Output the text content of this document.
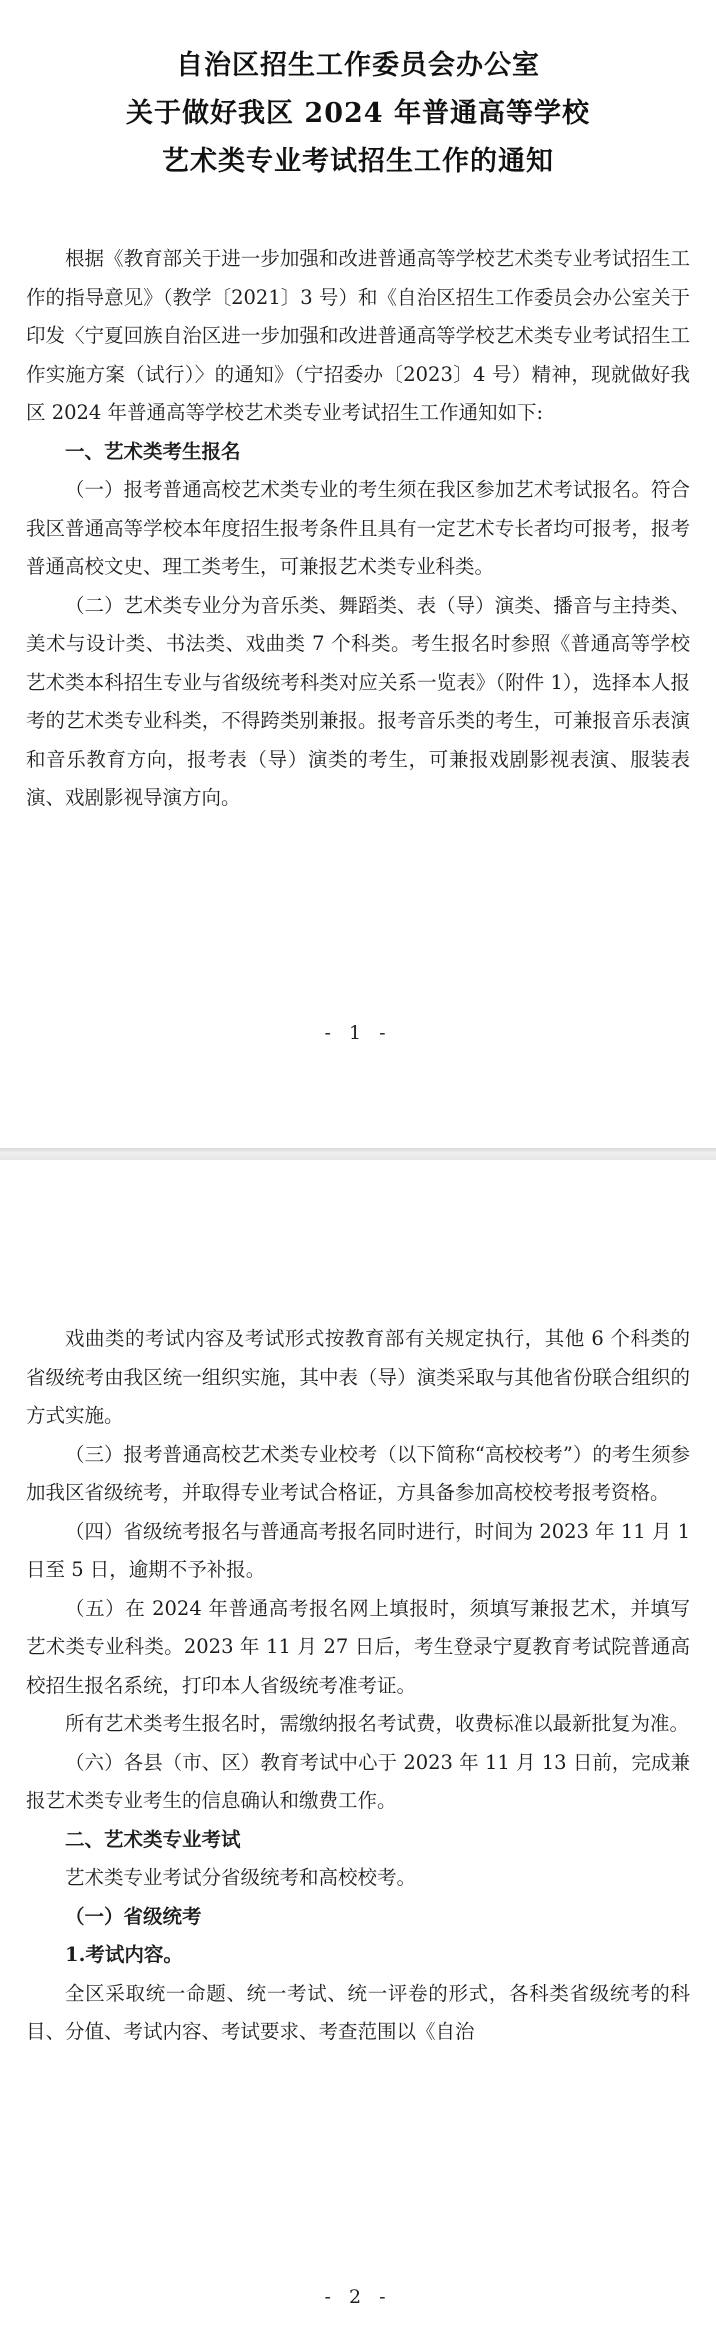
自治区招生工作委员会办公室
关于做好我区 2024 年普通高等学校
艺术类专业考试招生工作的通知

根据《教育部关于进一步加强和改进普通高等学校艺术类专业考试招生工作的指导意见》（教学〔2021〕3 号）和《自治区招生工作委员会办公室关于印发〈宁夏回族自治区进一步加强和改进普通高等学校艺术类专业考试招生工作实施方案（试行）〉的通知》（宁招委办〔2023〕4 号）精神，现就做好我区 2024 年普通高等学校艺术类专业考试招生工作通知如下:

一、艺术类考生报名

（一）报考普通高校艺术类专业的考生须在我区参加艺术考试报名。符合我区普通高等学校本年度招生报考条件且具有一定艺术专长者均可报考，报考普通高校文史、理工类考生，可兼报艺术类专业科类。

（二）艺术类专业分为音乐类、舞蹈类、表（导）演类、播音与主持类、美术与设计类、书法类、戏曲类 7 个科类。考生报名时参照《普通高等学校艺术类本科招生专业与省级统考科类对应关系一览表》（附件 1），选择本人报考的艺术类专业科类，不得跨类别兼报。报考音乐类的考生，可兼报音乐表演和音乐教育方向，报考表（导）演类的考生，可兼报戏剧影视表演、服装表演、戏剧影视导演方向。

- 1 -

戏曲类的考试内容及考试形式按教育部有关规定执行，其他 6 个科类的省级统考由我区统一组织实施，其中表（导）演类采取与其他省份联合组织的方式实施。

（三）报考普通高校艺术类专业校考（以下简称“高校校考”）的考生须参加我区省级统考，并取得专业考试合格证，方具备参加高校校考报考资格。

（四）省级统考报名与普通高考报名同时进行，时间为 2023 年 11 月 1 日至 5 日，逾期不予补报。

（五）在 2024 年普通高考报名网上填报时，须填写兼报艺术，并填写艺术类专业科类。2023 年 11 月 27 日后，考生登录宁夏教育考试院普通高校招生报名系统，打印本人省级统考准考证。

所有艺术类考生报名时，需缴纳报名考试费，收费标准以最新批复为准。

（六）各县（市、区）教育考试中心于 2023 年 11 月 13 日前，完成兼报艺术类专业考生的信息确认和缴费工作。

二、艺术类专业考试

艺术类专业考试分省级统考和高校校考。

（一）省级统考

1.考试内容。

全区采取统一命题、统一考试、统一评卷的形式，各科类省级统考的科目、分值、考试内容、考试要求、考查范围以《自治

- 2 -
